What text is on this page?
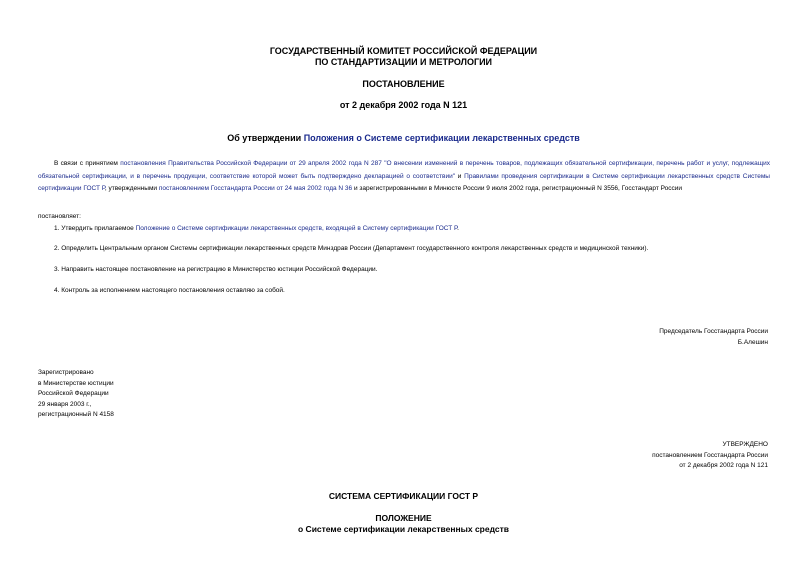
ГОСУДАРСТВЕННЫЙ КОМИТЕТ РОССИЙСКОЙ ФЕДЕРАЦИИ
ПО СТАНДАРТИЗАЦИИ И МЕТРОЛОГИИ
ПОСТАНОВЛЕНИЕ
от 2 декабря 2002 года N 121
Об утверждении Положения о Системе сертификации лекарственных средств
В связи с принятием постановления Правительства Российской Федерации от 29 апреля 2002 года N 287 "О внесении изменений в перечень товаров, подлежащих обязательной сертификации, перечень работ и услуг, подлежащих обязательной сертификации, и в перечень продукции, соответствие которой может быть подтверждено декларацией о соответствии" и Правилами проведения сертификации в Системе сертификации лекарственных средств Системы сертификации ГОСТ Р, утвержденными постановлением Госстандарта России от 24 мая 2002 года N 36 и зарегистрированными в Минюсте России 9 июля 2002 года, регистрационный N 3556, Госстандарт России
постановляет:
1. Утвердить прилагаемое Положение о Системе сертификации лекарственных средств, входящей в Систему сертификации ГОСТ Р.
2. Определить Центральным органом Системы сертификации лекарственных средств Минздрав России (Департамент государственного контроля лекарственных средств и медицинской техники).
3. Направить настоящее постановление на регистрацию в Министерство юстиции Российской Федерации.
4. Контроль за исполнением настоящего постановления оставляю за собой.
Председатель Госстандарта России
Б.Алешин
Зарегистрировано
в Министерстве юстиции
Российской Федерации
29 января 2003 г.,
регистрационный N 4158
УТВЕРЖДЕНО
постановлением Госстандарта России
от 2 декабря 2002 года N 121
СИСТЕМА СЕРТИФИКАЦИИ ГОСТ Р
ПОЛОЖЕНИЕ
о Системе сертификации лекарственных средств
